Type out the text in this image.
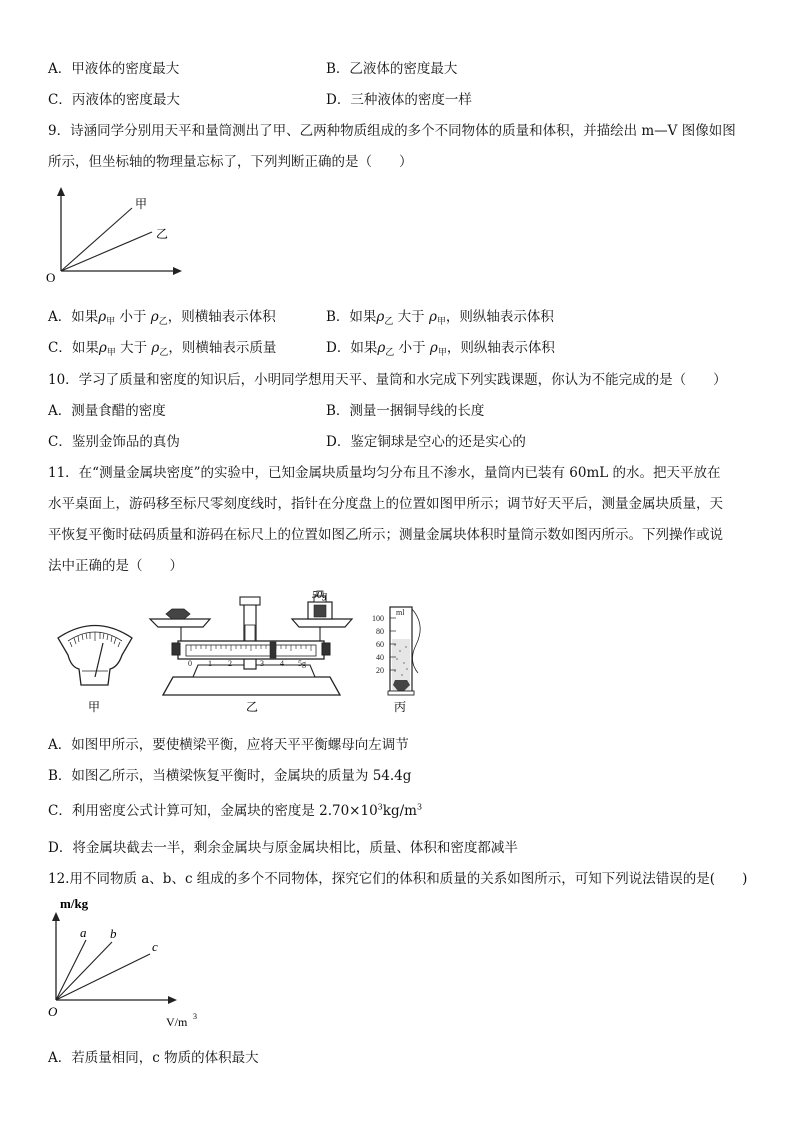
A．甲液体的密度最大	B．乙液体的密度最大
C．丙液体的密度最大	D．三种液体的密度一样
9．诗涵同学分别用天平和量筒测出了甲、乙两种物质组成的多个不同物体的质量和体积，并描绘出 m—V 图像如图
所示，但坐标轴的物理量忘标了，下列判断正确的是（　　）
O
甲
乙
A．如果$\rho_甲$ 小于 $\rho_乙$，则横轴表示体积	B．如果$\rho_乙$ 大于 $\rho_甲$，则纵轴表示体积
C．如果$\rho_甲$ 大于 $\rho_乙$，则横轴表示质量	D．如果$\rho_乙$ 小于 $\rho_甲$，则纵轴表示体积
10．学习了质量和密度的知识后，小明同学想用天平、量筒和水完成下列实践课题，你认为不能完成的是（　　）
A．测量食醋的密度	B．测量一捆铜导线的长度
C．鉴别金饰品的真伪	D．鉴定铜球是空心的还是实心的
11．在“测量金属块密度”的实验中，已知金属块质量均匀分布且不渗水，量筒内已装有 60mL 的水。把天平放在
水平桌面上，游码移至标尺零刻度线时，指针在分度盘上的位置如图甲所示；调节好天平后，测量金属块质量，天
平恢复平衡时砝码质量和游码在标尺上的位置如图乙所示；测量金属块体积时量筒示数如图丙所示。下列操作或说
法中正确的是（　　）
甲
0 1 2	3 4 5g
50g
乙
ml
100
80
60
40
20
丙
A．如图甲所示，要使横梁平衡，应将天平平衡螺母向左调节
B．如图乙所示，当横梁恢复平衡时，金属块的质量为 54.4g
C．利用密度公式计算可知，金属块的密度是 $2.70\times 10^3kg/m^3$
D．将金属块截去一半，剩余金属块与原金属块相比，质量、体积和密度都减半
12.用不同物质 a、b、c 组成的多个不同物体，探究它们的体积和质量的关系如图所示，可知下列说法错误的是(　　)
m/kg
O
V/m 3
a b
c
A．若质量相同，c 物质的体积最大
